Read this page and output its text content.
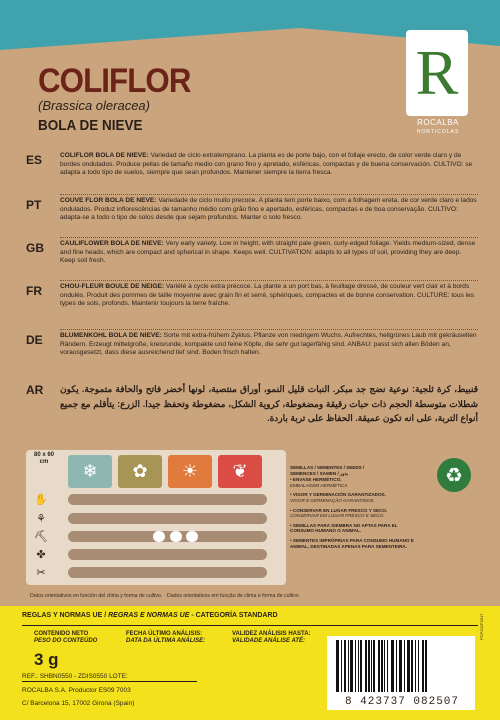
COLIFLOR
(Brassica oleracea)
BOLA DE NIEVE
R
ROCALBA
HORTICOLAS
ES	COLIFLOR BOLA DE NIEVE: Variedad de ciclo extratemprano. La planta es de porte bajo, con el follaje erecto, de color verde claro y de bordes ondulados. Produce pellas de tamaño medio con grano fino y apretado, esféricas, compactas y de buena conservación. CULTIVO: se adapta a todo tipo de suelos, siempre que sean profundos. Mantener siempre la tierra fresca.
PT	COUVE FLOR BOLA DE NEVE: Variedade de ciclo muito precoce. A planta tem porte baixo, com a folhagem ereta, de cor verde claro e lados ondulados. Produz inflorescências de tamanho médio com grão fino e apertado, esféricas, compactas e de boa conservação. CULTIVO: adapta-se a todo o tipo de solos desde que sejam profundos. Manter o solo fresco.
GB CAULIFLOWER BOLA DE NIEVE: Very early variety. Low in height, with straight pale green, curly-edged foliage. Yields medium-sized, dense and fine heads, which are compact and spherical in shape. Keeps well. CULTIVATION: adapts to all types of soil, providing they are deep. Keep soil fresh.
FR	CHOU-FLEUR BOULE DE NEIGE: Variété à cycle extra précoce. La plante a un port bas, à feuillage dressé, de couleur vert clair et à bords ondulés. Produit des pommes de taille moyenne avec grain fin et serré, sphériques, compactes et de bonne conservation. CULTURE: tous les types de sols, profonds. Maintenir toujours la terre fraîche.
DE	BLUMENKOHL BOLA DE NIEVE: Sorte mit extra-frühem Zyklus. Pflanze von niedrigem Wuchs. Aufrechtes, hellgrünes Laub mit gekräuselten Rändern. Erzeugt mittelgroße, kreisrunde, kompakte und feine Köpfe, die sehr gut lagerfähig sind. ANBAU: passt sich allen Böden an, vorausgesetzt, dass diese ausreichend tief sind. Boden frisch halten.
AR قنبيط، كرة ثلجية: نوعية نضج جد مبكر. النبات قليل النمو، أوراق منتصبة، لونها أخضر فاتح والحافة متموجة. يكون شطلات متوسطة الحجم ذات حبات رقيقة ومضغوطة، كروية الشكل، مضغوطة وتحفظ جيدا. الزرع: يتأقلم مع جميع أنواع التربة، على انه تكون عميقة. الحفاظ على تربة باردة.
80 x 60 cm	❄	✿	☀	❦
✋
⚘
⛏
✤
✂

SEMILLAS / SEMENTES / SEEDS /
SEMENCES / SAMEN / بذور

• ENVASE HERMÉTICO.
EMBALAGEM HERMÉTICA

• VIGOR Y GERMINACIÓN GARANTIZADOS.
VIGOR E GERMINAÇÃO GARANTIDOS.

• CONSERVAR EN LUGAR FRESCO Y SECO.
CONSERVAR EM LUGAR FRESCO E SECO.

• SEMILLAS PARA SIEMBRA NO APTAS PARA EL CONSUMO HUMANO O ANIMAL.

• SEMENTES IMPRÓPRIAS PARA CONSUMO HUMANO E ANIMAL, DESTINADAS APENAS PARA SEMENTEIRA.

♻
Datos orientativos en función del clima y forma de cultivo. · Dados orientativos em função de clima e forma de cultivo
REGLAS Y NORMAS UE / REGRAS E NORMAS UE - CATEGORÍA STANDARD
CONTENIDO NETO
PESO DO CONTEÚDO
3 g
FECHA ÚLTIMO ANÁLISIS:
DATA DA ÚLTIMA ANÁLISE:
VALIDEZ ANÁLISIS HASTA:
VALIDADE ANÁLISE ATÉ:
REF.: SHBN0550 - ZDIS0550 LOTE:
ROCALBA S.A. Productor ES09 7003
C/ Barcelona 15, 17002 Girona (Spain)	8 423737 082507
PCP202P2017
